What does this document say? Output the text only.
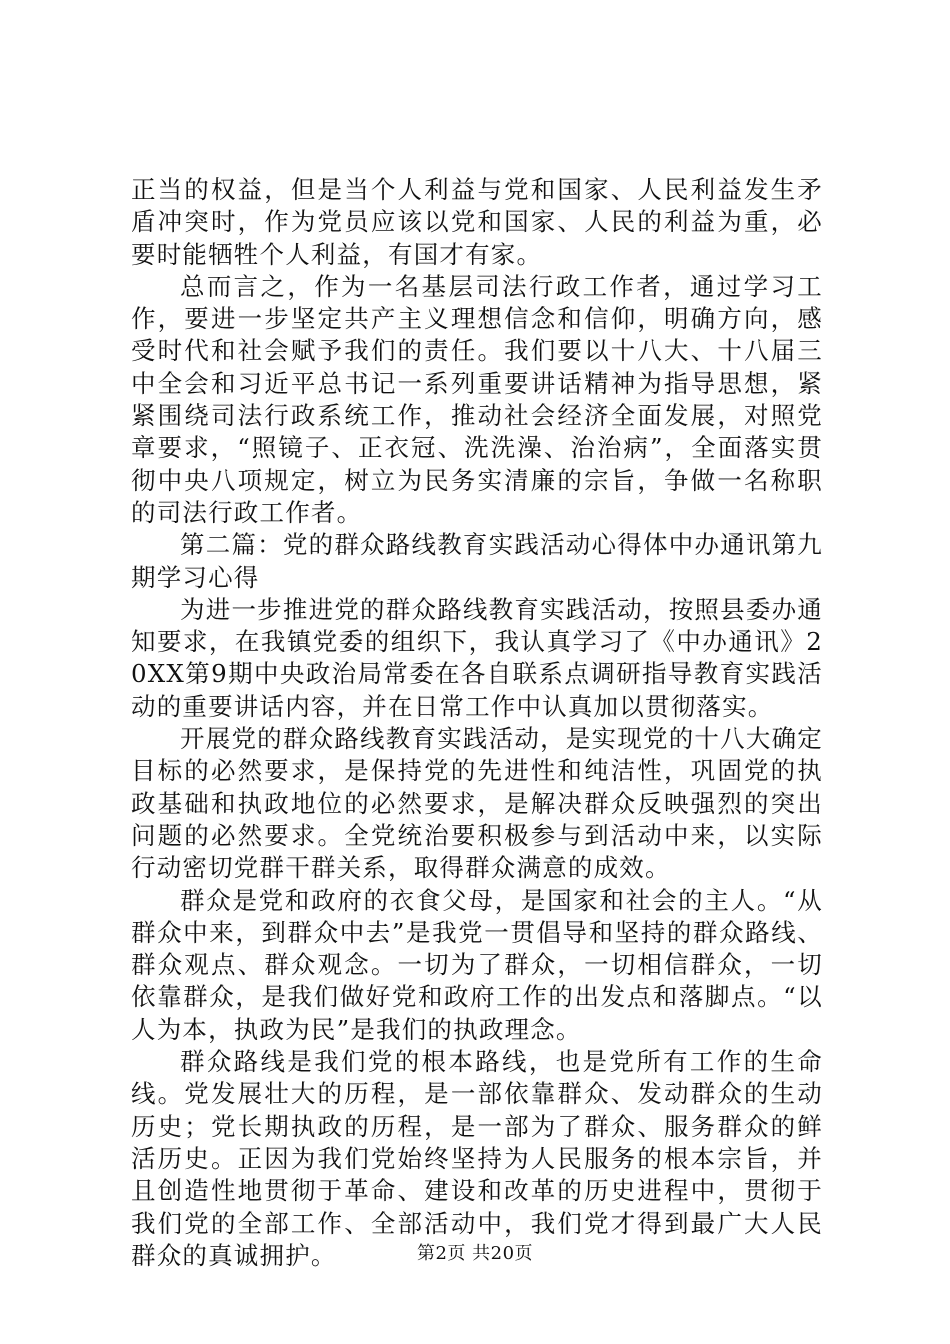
正当的权益，但是当个人利益与党和国家、人民利益发生矛盾冲突时，作为党员应该以党和国家、人民的利益为重，必要时能牺牲个人利益，有国才有家。

总而言之，作为一名基层司法行政工作者，通过学习工作，要进一步坚定共产主义理想信念和信仰，明确方向，感受时代和社会赋予我们的责任。我们要以十八大、十八届三中全会和习近平总书记一系列重要讲话精神为指导思想，紧紧围绕司法行政系统工作，推动社会经济全面发展，对照党章要求，“照镜子、正衣冠、洗洗澡、治治病”，全面落实贯彻中央八项规定，树立为民务实清廉的宗旨，争做一名称职的司法行政工作者。

第二篇：党的群众路线教育实践活动心得体中办通讯第九期学习心得

为进一步推进党的群众路线教育实践活动，按照县委办通知要求，在我镇党委的组织下，我认真学习了《中办通讯》20XX第9期中央政治局常委在各自联系点调研指导教育实践活动的重要讲话内容，并在日常工作中认真加以贯彻落实。

开展党的群众路线教育实践活动，是实现党的十八大确定目标的必然要求，是保持党的先进性和纯洁性，巩固党的执政基础和执政地位的必然要求，是解决群众反映强烈的突出问题的必然要求。全党统治要积极参与到活动中来，以实际行动密切党群干群关系，取得群众满意的成效。

群众是党和政府的衣食父母，是国家和社会的主人。“从群众中来，到群众中去”是我党一贯倡导和坚持的群众路线、群众观点、群众观念。一切为了群众，一切相信群众，一切依靠群众，是我们做好党和政府工作的出发点和落脚点。“以人为本，执政为民”是我们的执政理念。

群众路线是我们党的根本路线，也是党所有工作的生命线。党发展壮大的历程，是一部依靠群众、发动群众的生动历史；党长期执政的历程，是一部为了群众、服务群众的鲜活历史。正因为我们党始终坚持为人民服务的根本宗旨，并且创造性地贯彻于革命、建设和改革的历史进程中，贯彻于我们党的全部工作、全部活动中，我们党才得到最广大人民群众的真诚拥护。	第2页 共20页
